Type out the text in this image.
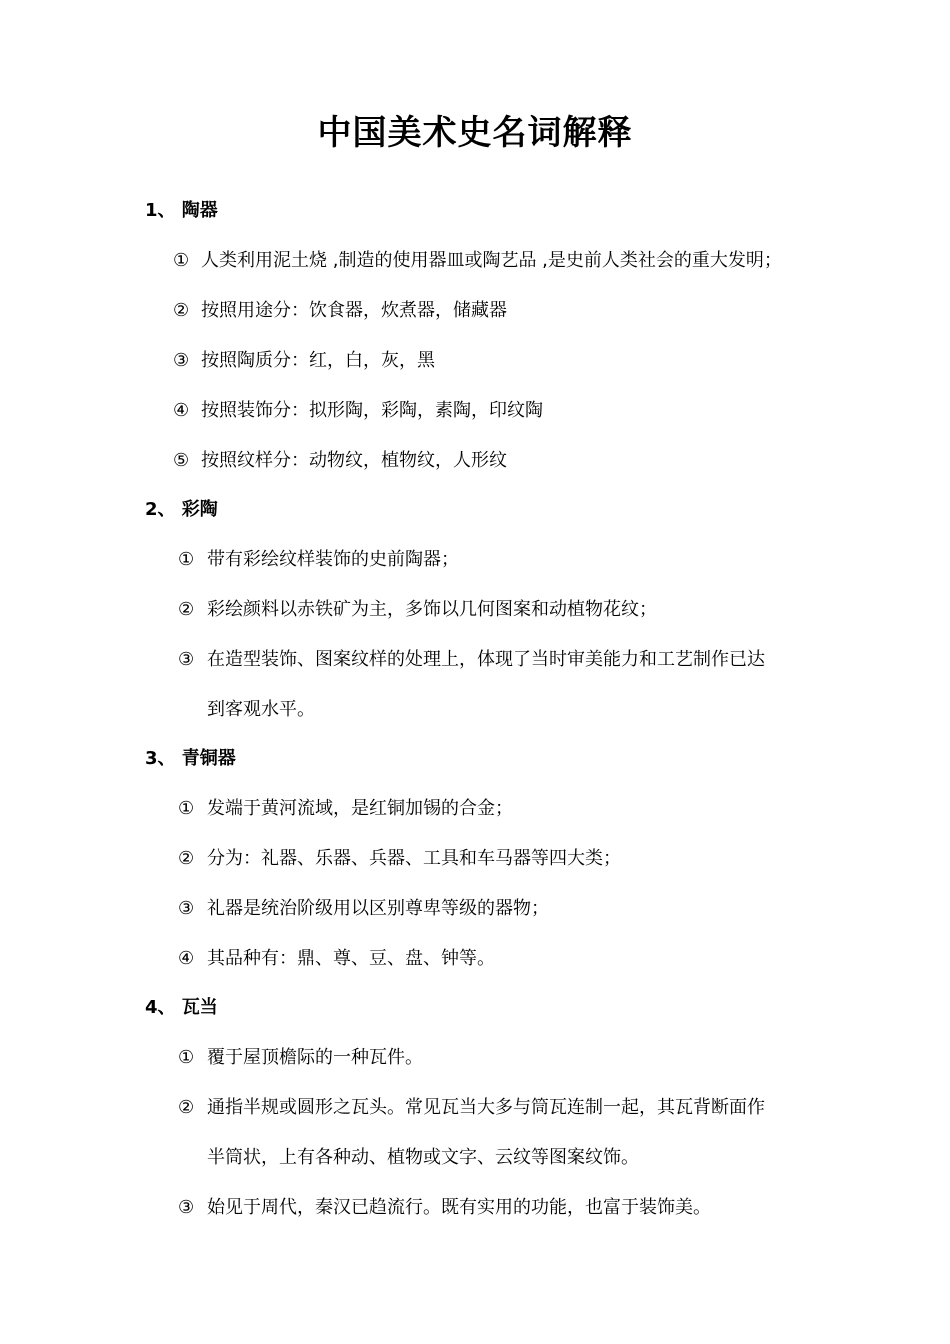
中国美术史名词解释
1、 陶器
① 人类利用泥土烧 ,制造的使用器皿或陶艺品 ,是史前人类社会的重大发明；
② 按照用途分：饮食器，炊煮器，储藏器
③ 按照陶质分：红，白，灰，黑
④ 按照装饰分：拟形陶，彩陶，素陶，印纹陶
⑤ 按照纹样分：动物纹，植物纹，人形纹
2、 彩陶
① 带有彩绘纹样装饰的史前陶器；
② 彩绘颜料以赤铁矿为主，多饰以几何图案和动植物花纹；
③ 在造型装饰、图案纹样的处理上，体现了当时审美能力和工艺制作已达
到客观水平。
3、 青铜器
① 发端于黄河流域，是红铜加锡的合金；
② 分为：礼器、乐器、兵器、工具和车马器等四大类；
③ 礼器是统治阶级用以区别尊卑等级的器物；
④ 其品种有：鼎、尊、豆、盘、钟等。
4、 瓦当
① 覆于屋顶檐际的一种瓦件。
② 通指半规或圆形之瓦头。常见瓦当大多与筒瓦连制一起，其瓦背断面作
半筒状，上有各种动、植物或文字、云纹等图案纹饰。
③ 始见于周代，秦汉已趋流行。既有实用的功能，也富于装饰美。
